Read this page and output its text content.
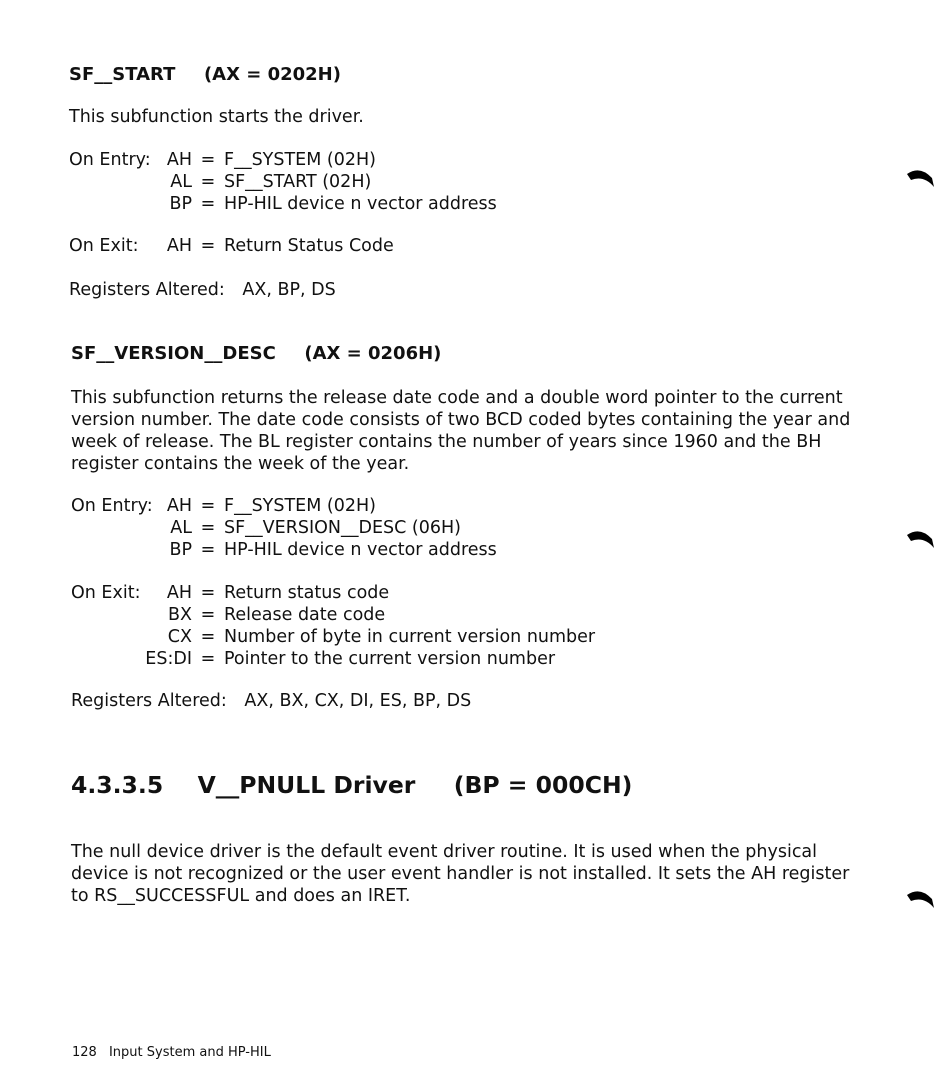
SF__START (AX = 0202H)
This subfunction starts the driver.
On Entry: AH = F__SYSTEM (02H)
AL = SF__START (02H)
BP = HP-HIL device n vector address
On Exit:	AH = Return Status Code
Registers Altered: AX, BP, DS
SF__VERSION__DESC (AX = 0206H)
This subfunction returns the release date code and a double word pointer to the current version number. The date code consists of two BCD coded bytes containing the year and week of release. The BL register contains the number of years since 1960 and the BH register contains the week of the year.
On Entry: AH = F__SYSTEM (02H)
AL = SF__VERSION__DESC (06H)
BP = HP-HIL device n vector address
On Exit:	AH = Return status code
BX = Release date code
CX = Number of byte in current version number
ES:DI = Pointer to the current version number
Registers Altered: AX, BX, CX, DI, ES, BP, DS
4.3.3.5 V__PNULL Driver (BP = 000CH)
The null device driver is the default event driver routine. It is used when the physical device is not recognized or the user event handler is not installed. It sets the AH register to RS__SUCCESSFUL and does an IRET.
128 Input System and HP-HIL
